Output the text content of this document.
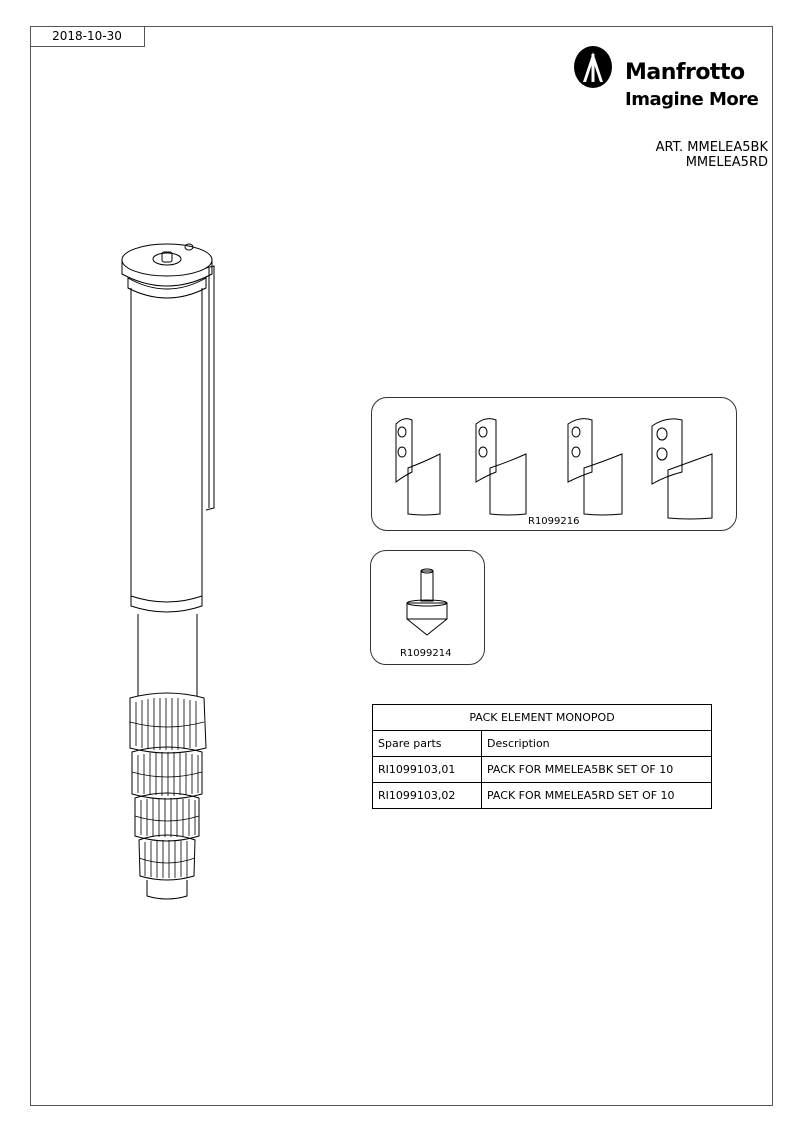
2018-10-30
Manfrotto
Imagine More
ART. MMELEA5BK
MMELEA5RD
R1099216
R1099214
PACK ELEMENT MONOPOD	
Spare parts	Description
RI1099103,01	PACK FOR MMELEA5BK SET OF 10
RI1099103,02	PACK FOR MMELEA5RD SET OF 10
